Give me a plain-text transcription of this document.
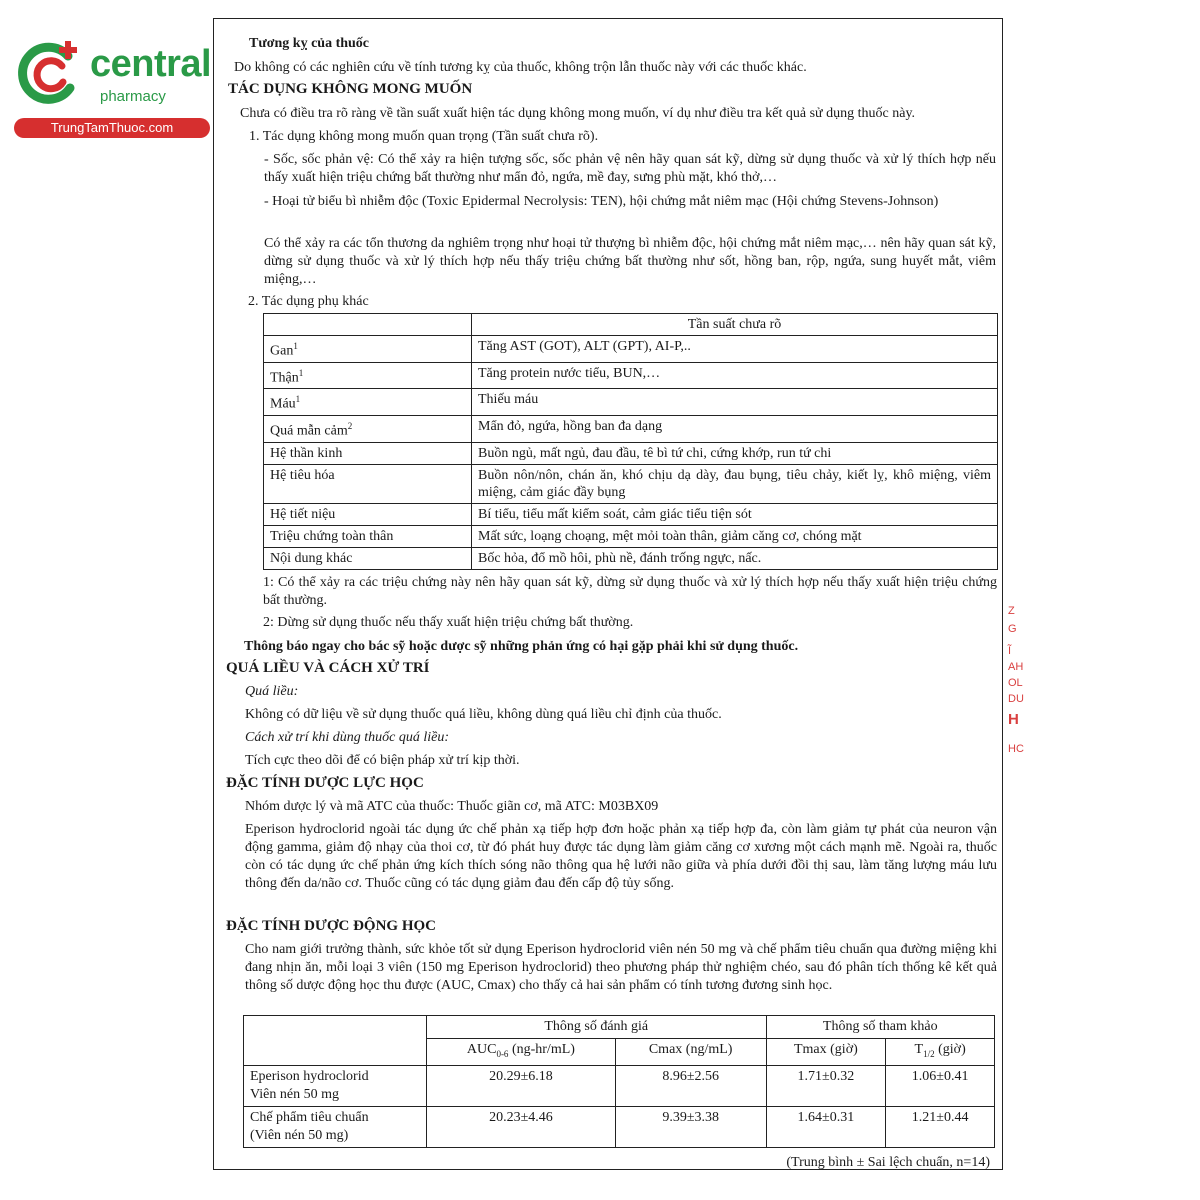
central
pharmacy
TrungTamThuoc.com
Tương kỵ của thuốc
Do không có các nghiên cứu về tính tương kỵ của thuốc, không trộn lẫn thuốc này với các thuốc khác.
TÁC DỤNG KHÔNG MONG MUỐN
Chưa có điều tra rõ ràng về tần suất xuất hiện tác dụng không mong muốn, ví dụ như điều tra kết quả sử dụng thuốc này.
1. Tác dụng không mong muốn quan trọng (Tần suất chưa rõ).
- Sốc, sốc phản vệ: Có thể xảy ra hiện tượng sốc, sốc phản vệ nên hãy quan sát kỹ, dừng sử dụng thuốc và xử lý thích hợp nếu thấy xuất hiện triệu chứng bất thường như mẩn đỏ, ngứa, mề đay, sưng phù mặt, khó thở,…
- Hoại tử biểu bì nhiễm độc (Toxic Epidermal Necrolysis: TEN), hội chứng mắt niêm mạc (Hội chứng Stevens-Johnson)
Có thể xảy ra các tổn thương da nghiêm trọng như hoại tử thượng bì nhiễm độc, hội chứng mắt niêm mạc,… nên hãy quan sát kỹ, dừng sử dụng thuốc và xử lý thích hợp nếu thấy triệu chứng bất thường như sốt, hồng ban, rộp, ngứa, sung huyết mắt, viêm miệng,…
2. Tác dụng phụ khác
	Tần suất chưa rõ
Gan$^1$	Tăng AST (GOT), ALT (GPT), AI-P,..
Thận$^1$	Tăng protein nước tiểu, BUN,…
Máu$^1$	Thiếu máu
Quá mẫn cảm$^2$	Mẩn đỏ, ngứa, hồng ban đa dạng
Hệ thần kinh	Buồn ngủ, mất ngủ, đau đầu, tê bì tứ chi, cứng khớp, run tứ chi
Hệ tiêu hóa	Buồn nôn/nôn, chán ăn, khó chịu dạ dày, đau bụng, tiêu chảy, kiết lỵ, khô miệng, viêm miệng, cảm giác đầy bụng
Hệ tiết niệu	Bí tiểu, tiểu mất kiểm soát, cảm giác tiểu tiện sót
Triệu chứng toàn thân	Mất sức, loạng choạng, mệt mỏi toàn thân, giảm căng cơ, chóng mặt
Nội dung khác	Bốc hỏa, đổ mồ hôi, phù nề, đánh trống ngực, nấc.
1: Có thể xảy ra các triệu chứng này nên hãy quan sát kỹ, dừng sử dụng thuốc và xử lý thích hợp nếu thấy xuất hiện triệu chứng bất thường.
2: Dừng sử dụng thuốc nếu thấy xuất hiện triệu chứng bất thường.
Thông báo ngay cho bác sỹ hoặc dược sỹ những phản ứng có hại gặp phải khi sử dụng thuốc.
QUÁ LIỀU VÀ CÁCH XỬ TRÍ
Quá liều:
Không có dữ liệu về sử dụng thuốc quá liều, không dùng quá liều chỉ định của thuốc.
Cách xử trí khi dùng thuốc quá liều:
Tích cực theo dõi để có biện pháp xử trí kịp thời.
ĐẶC TÍNH DƯỢC LỰC HỌC
Nhóm dược lý và mã ATC của thuốc: Thuốc giãn cơ, mã ATC: M03BX09
Eperison hydroclorid ngoài tác dụng ức chế phản xạ tiếp hợp đơn hoặc phản xạ tiếp hợp đa, còn làm giảm tự phát của neuron vận động gamma, giảm độ nhạy của thoi cơ, từ đó phát huy được tác dụng làm giảm căng cơ xương một cách mạnh mẽ. Ngoài ra, thuốc còn có tác dụng ức chế phản ứng kích thích sóng não thông qua hệ lưới não giữa và phía dưới đồi thị sau, làm tăng lượng máu lưu thông đến da/não cơ. Thuốc cũng có tác dụng giảm đau đến cấp độ tủy sống.
ĐẶC TÍNH DƯỢC ĐỘNG HỌC
Cho nam giới trưởng thành, sức khỏe tốt sử dụng Eperison hydroclorid viên nén 50 mg và chế phẩm tiêu chuẩn qua đường miệng khi đang nhịn ăn, mỗi loại 3 viên (150 mg Eperison hydroclorid) theo phương pháp thử nghiệm chéo, sau đó phân tích thống kê kết quả thông số dược động học thu được (AUC, Cmax) cho thấy cả hai sản phẩm có tính tương đương sinh học.
	Thông số đánh giá		Thông số tham khảo	
	$AUC_{0-6}$ (ng-hr/mL)	Cmax (ng/mL)	Tmax (giờ)	$T_{1/2}$ (giờ)

Eperison hydroclorid
Viên nén 50 mg	20.29±6.18	8.96±2.56	1.71±0.32	1.06±0.41

Chế phẩm tiêu chuẩn
(Viên nén 50 mg)	20.23±4.46	9.39±3.38	1.64±0.31	1.21±0.44
(Trung bình ± Sai lệch chuẩn, n=14)
Z
G
Ĩ
AH
OL
DU
H
HC
